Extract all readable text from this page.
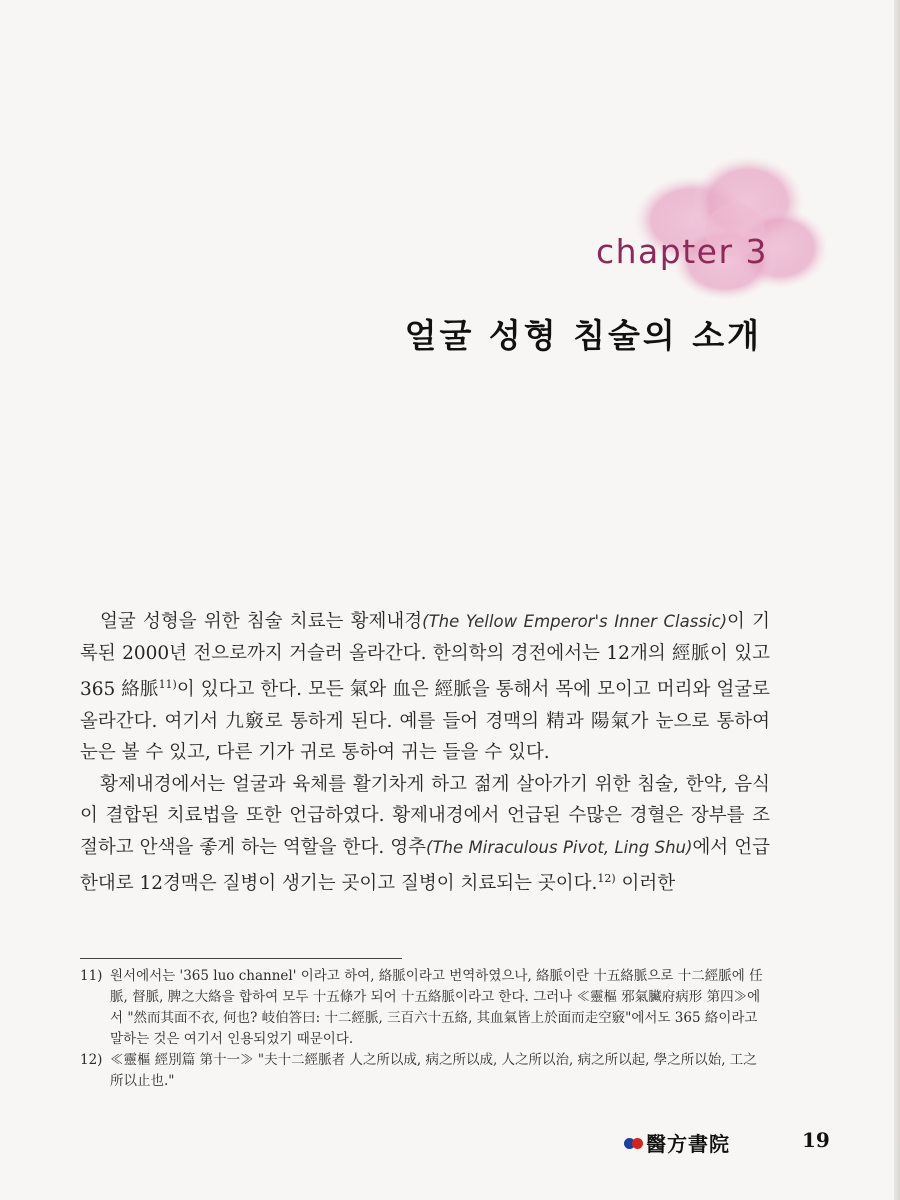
chapter 3
얼굴 성형 침술의 소개

얼굴 성형을 위한 침술 치료는 황제내경(The Yellow Emperor's Inner Classic)이 기록된 2000년 전으로까지 거슬러 올라간다. 한의학의 경전에서는 12개의 經脈이 있고 365 絡脈$^{11)}$이 있다고 한다. 모든 氣와 血은 經脈을 통해서 목에 모이고 머리와 얼굴로 올라간다. 여기서 九竅로 통하게 된다. 예를 들어 경맥의 精과 陽氣가 눈으로 통하여 눈은 볼 수 있고, 다른 기가 귀로 통하여 귀는 들을 수 있다.

황제내경에서는 얼굴과 육체를 활기차게 하고 젊게 살아가기 위한 침술, 한약, 음식이 결합된 치료법을 또한 언급하였다. 황제내경에서 언급된 수많은 경혈은 장부를 조절하고 안색을 좋게 하는 역할을 한다. 영추(The Miraculous Pivot, Ling Shu)에서 언급한대로 12경맥은 질병이 생기는 곳이고 질병이 치료되는 곳이다.$^{12)}$ 이러한

11) 원서에서는 '365 luo channel' 이라고 하여, 絡脈이라고 번역하였으나, 絡脈이란 十五絡脈으로 十二經脈에 任脈, 督脈, 脾之大絡을 합하여 모두 十五條가 되어 十五絡脈이라고 한다. 그러나 ≪靈樞 邪氣臟府病形 第四≫에서 "然而其面不衣, 何也? 岐伯答曰: 十二經脈, 三百六十五絡, 其血氣皆上於面而走空竅"에서도 365 絡이라고 말하는 것은 여기서 인용되었기 때문이다.
12) ≪靈樞 經別篇 第十一≫ "夫十二經脈者 人之所以成, 病之所以成, 人之所以治, 病之所以起, 學之所以始, 工之所以止也."
醫方書院	19
